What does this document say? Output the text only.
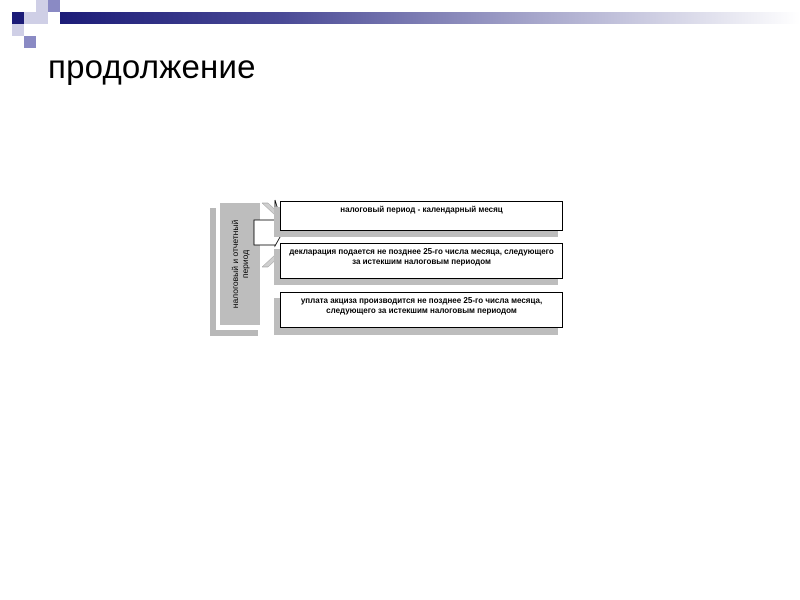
продолжение
налоговый и отчетный период
налоговый период - календарный месяц
декларация подается не позднее 25-го числа месяца, следующего за истекшим налоговым периодом
уплата акциза производится не позднее 25-го числа месяца, следующего за истекшим налоговым периодом
